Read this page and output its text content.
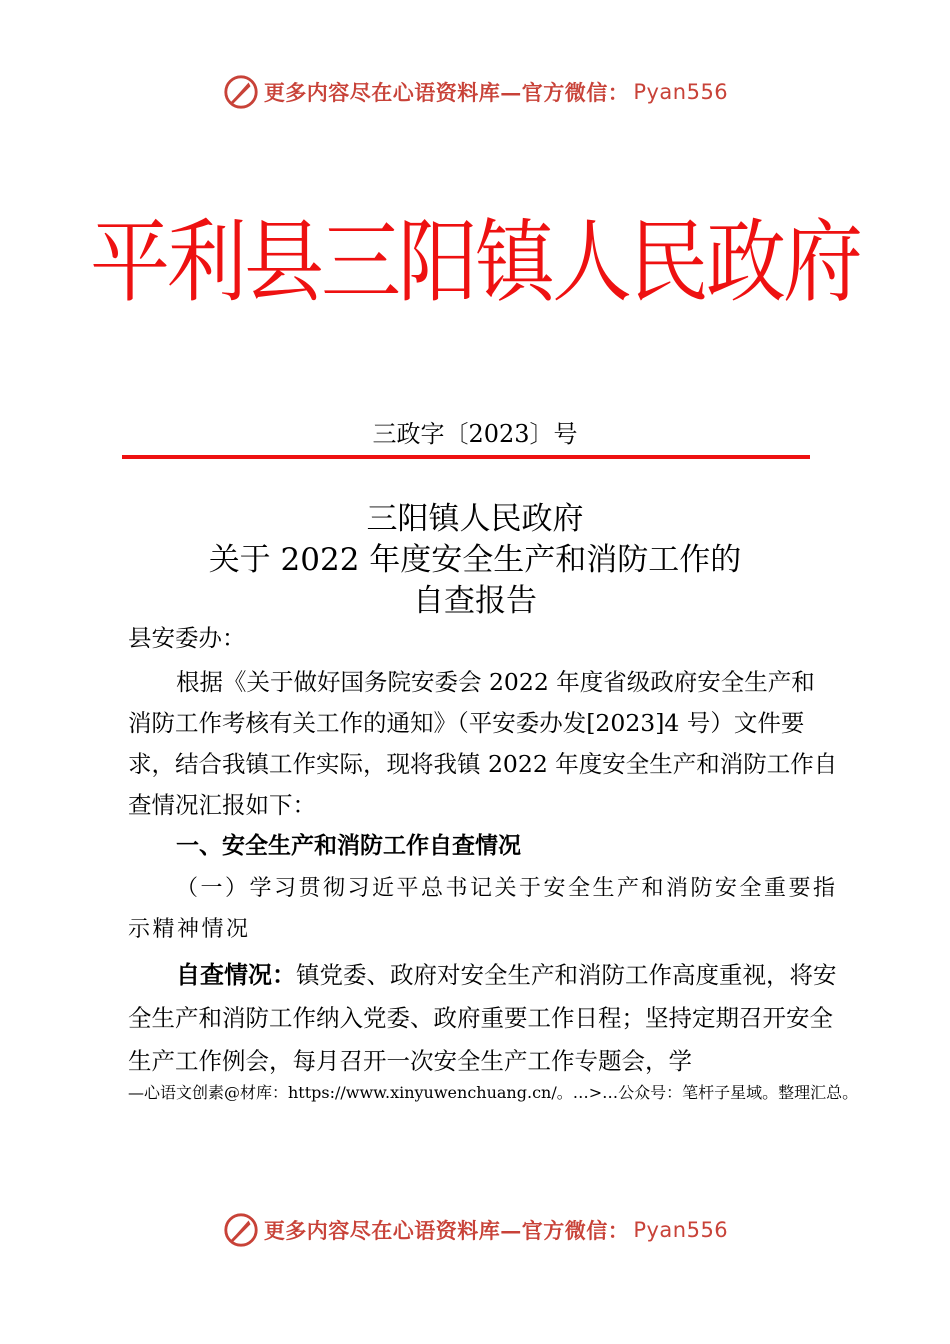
更多内容尽在心语资料库—官方微信： Pyan556
平利县三阳镇人民政府
三政字〔2023〕号
三阳镇人民政府
关于 2022 年度安全生产和消防工作的
自查报告
县安委办：
根据《关于做好国务院安委会 2022 年度省级政府安全生产和消防工作考核有关工作的通知》（平安委办发[2023]4 号）文件要求，结合我镇工作实际，现将我镇 2022 年度安全生产和消防工作自查情况汇报如下：
一、安全生产和消防工作自查情况
（一）学习贯彻习近平总书记关于安全生产和消防安全重要指示精神情况
自查情况：镇党委、政府对安全生产和消防工作高度重视，将安全生产和消防工作纳入党委、政府重要工作日程；坚持定期召开安全生产工作例会，每月召开一次安全生产工作专题会，学
—心语文创素@材库：https://www.xinyuwenchuang.cn/。…>…公众号：笔杆子星域。整理汇总。
更多内容尽在心语资料库—官方微信： Pyan556
